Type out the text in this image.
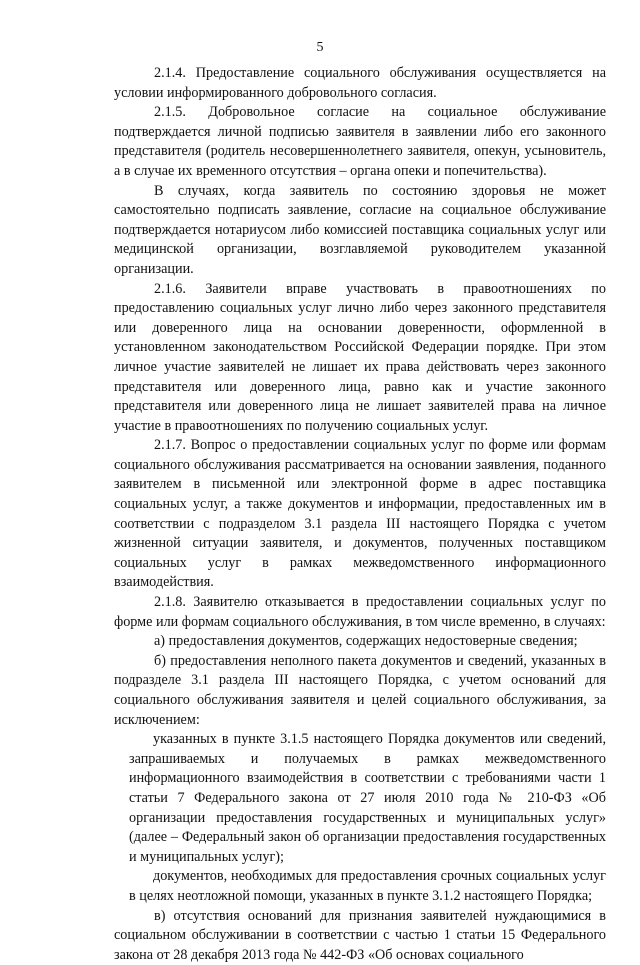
5

2.1.4. Предоставление социального обслуживания осуществляется на условии информированного добровольного согласия.

2.1.5. Добровольное согласие на социальное обслуживание подтверждается личной подписью заявителя в заявлении либо его законного представителя (родитель несовершеннолетнего заявителя, опекун, усыновитель, а в случае их временного отсутствия – органа опеки и попечительства).

В случаях, когда заявитель по состоянию здоровья не может самостоятельно подписать заявление, согласие на социальное обслуживание подтверждается нотариусом либо комиссией поставщика социальных услуг или медицинской организации, возглавляемой руководителем указанной организации.

2.1.6. Заявители вправе участвовать в правоотношениях по предоставлению социальных услуг лично либо через законного представителя или доверенного лица на основании доверенности, оформленной в установленном законодательством Российской Федерации порядке. При этом личное участие заявителей не лишает их права действовать через законного представителя или доверенного лица, равно как и участие законного представителя или доверенного лица не лишает заявителей права на личное участие в правоотношениях по получению социальных услуг.

2.1.7. Вопрос о предоставлении социальных услуг по форме или формам социального обслуживания рассматривается на основании заявления, поданного заявителем в письменной или электронной форме в адрес поставщика социальных услуг, а также документов и информации, предоставленных им в соответствии с подразделом 3.1 раздела III настоящего Порядка с учетом жизненной ситуации заявителя, и документов, полученных поставщиком социальных услуг в рамках межведомственного информационного взаимодействия.

2.1.8. Заявителю отказывается в предоставлении социальных услуг по форме или формам социального обслуживания, в том числе временно, в случаях:

а) предоставления документов, содержащих недостоверные сведения;

б) предоставления неполного пакета документов и сведений, указанных в подразделе 3.1 раздела III настоящего Порядка, с учетом оснований для социального обслуживания заявителя и целей социального обслуживания, за исключением:

указанных в пункте 3.1.5 настоящего Порядка документов или сведений, запрашиваемых и получаемых в рамках межведомственного информационного взаимодействия в соответствии с требованиями части 1 статьи 7 Федерального закона от 27 июля 2010 года № 210-ФЗ «Об организации предоставления государственных и муниципальных услуг» (далее – Федеральный закон об организации предоставления государственных и муниципальных услуг);

документов, необходимых для предоставления срочных социальных услуг в целях неотложной помощи, указанных в пункте 3.1.2 настоящего Порядка;

в) отсутствия оснований для признания заявителей нуждающимися в социальном обслуживании в соответствии с частью 1 статьи 15 Федерального закона от 28 декабря 2013 года № 442-ФЗ «Об основах социального
